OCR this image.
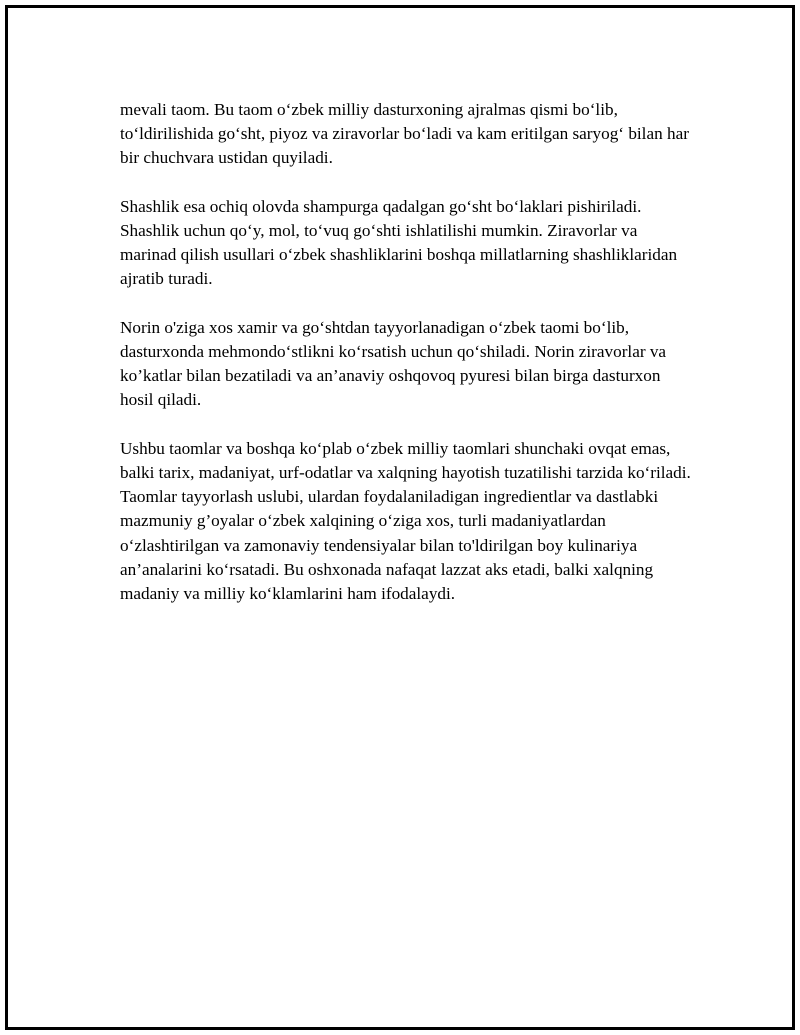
mevali taom. Bu taom o‘zbek milliy dasturxoning ajralmas qismi bo‘lib, to‘ldirilishida go‘sht, piyoz va ziravorlar bo‘ladi va kam eritilgan saryog‘ bilan har bir chuchvara ustidan quyiladi.

Shashlik esa ochiq olovda shampurga qadalgan go‘sht bo‘laklari pishiriladi. Shashlik uchun qo‘y, mol, to‘vuq go‘shti ishlatilishi mumkin. Ziravorlar va marinad qilish usullari o‘zbek shashliklarini boshqa millatlarning shashliklaridan ajratib turadi.

Norin o'ziga xos xamir va go‘shtdan tayyorlanadigan o‘zbek taomi bo‘lib, dasturxonda mehmondo‘stlikni ko‘rsatish uchun qo‘shiladi. Norin ziravorlar va ko’katlar bilan bezatiladi va an’anaviy oshqovoq pyuresi bilan birga dasturxon hosil qiladi.

Ushbu taomlar va boshqa ko‘plab o‘zbek milliy taomlari shunchaki ovqat emas, balki tarix, madaniyat, urf-odatlar va xalqning hayotish tuzatilishi tarzida ko‘riladi. Taomlar tayyorlash uslubi, ulardan foydalaniladigan ingredientlar va dastlabki mazmuniy g’oyalar o‘zbek xalqining o‘ziga xos, turli madaniyatlardan o‘zlashtirilgan va zamonaviy tendensiyalar bilan to'ldirilgan boy kulinariya an’analarini ko‘rsatadi. Bu oshxonada nafaqat lazzat aks etadi, balki xalqning madaniy va milliy ko‘klamlarini ham ifodalaydi.
